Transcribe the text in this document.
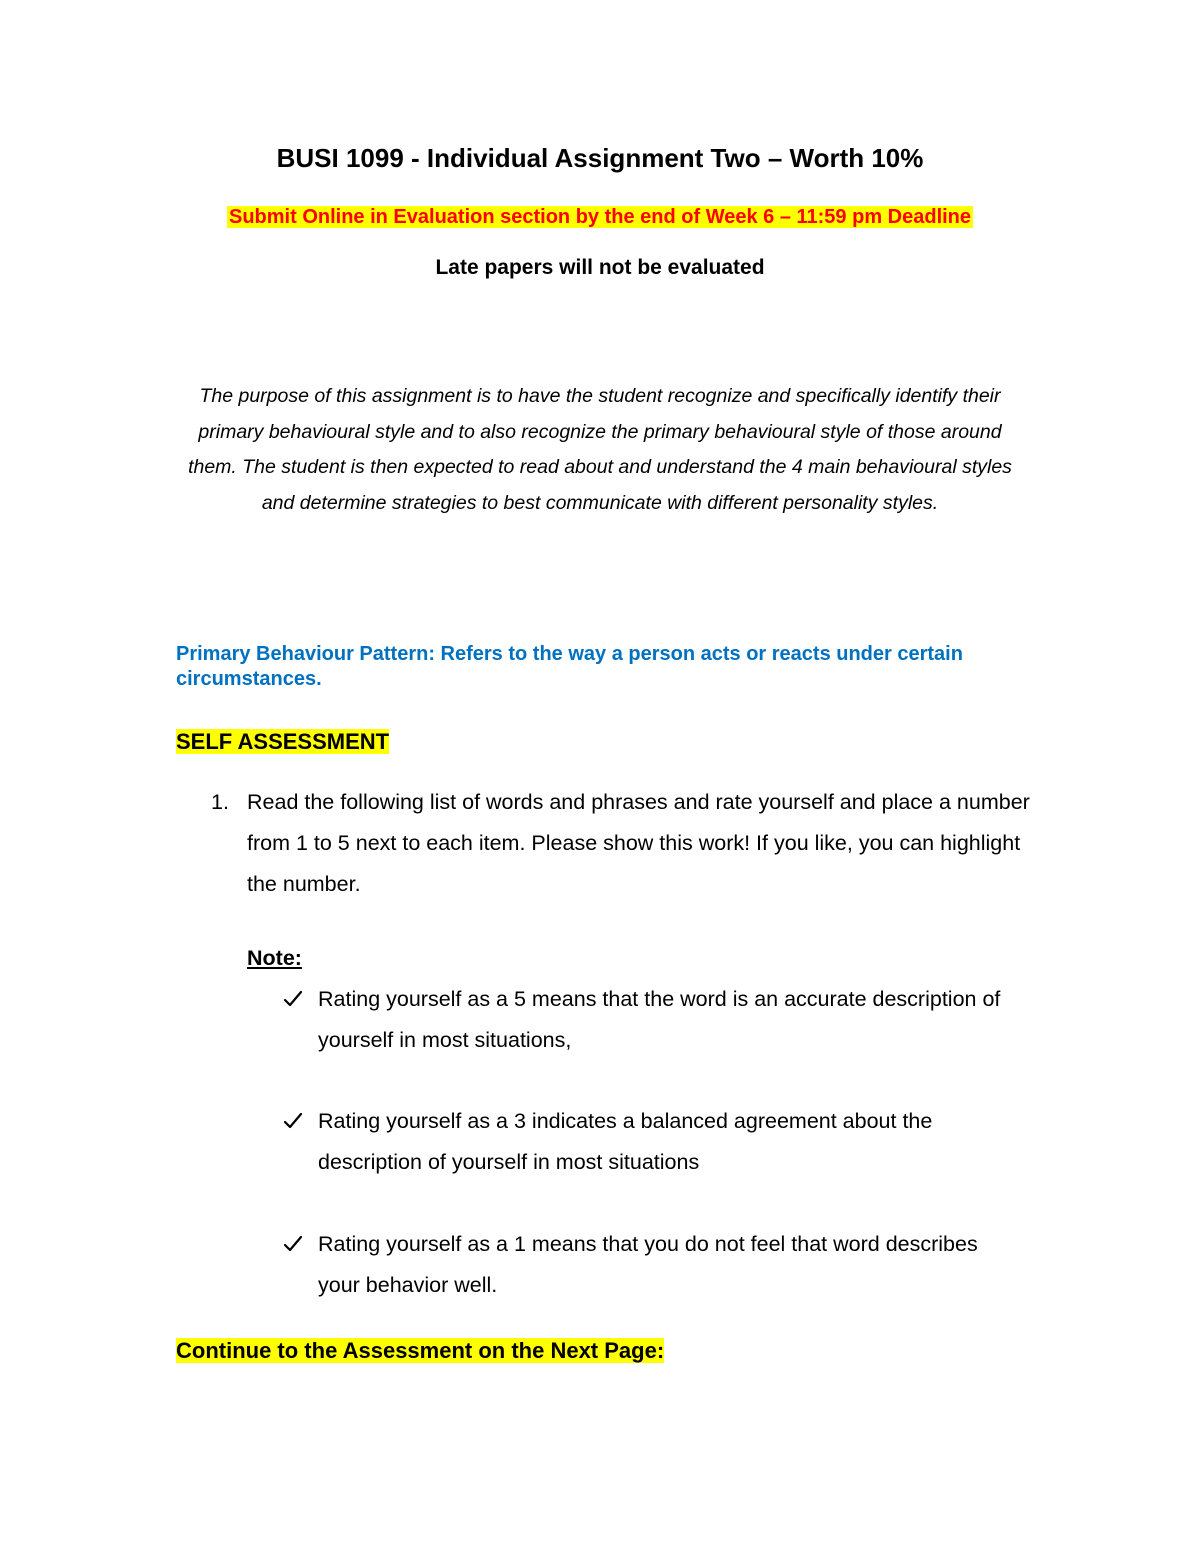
BUSI 1099 - Individual Assignment Two – Worth 10%
Submit Online in Evaluation section by the end of Week 6 – 11:59 pm Deadline
Late papers will not be evaluated
The purpose of this assignment is to have the student recognize and specifically identify their primary behavioural style and to also recognize the primary behavioural style of those around them. The student is then expected to read about and understand the 4 main behavioural styles and determine strategies to best communicate with different personality styles.
Primary Behaviour Pattern: Refers to the way a person acts or reacts under certain circumstances.
SELF ASSESSMENT
1. Read the following list of words and phrases and rate yourself and place a number from 1 to 5 next to each item. Please show this work! If you like, you can highlight the number.
Note:
Rating yourself as a 5 means that the word is an accurate description of yourself in most situations,
Rating yourself as a 3 indicates a balanced agreement about the description of yourself in most situations
Rating yourself as a 1 means that you do not feel that word describes your behavior well.
Continue to the Assessment on the Next Page:
